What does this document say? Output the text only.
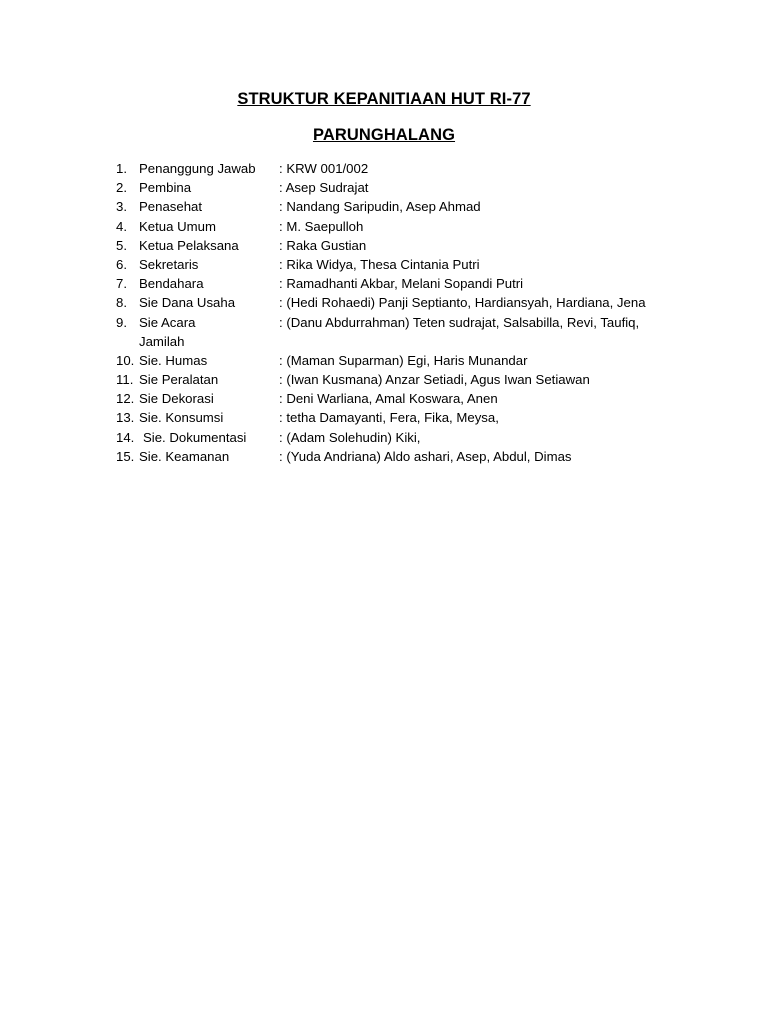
STRUKTUR KEPANITIAAN HUT RI-77
PARUNGHALANG
1. Penanggung Jawab : KRW 001/002
2. Pembina	: Asep Sudrajat
3. Penasehat	: Nandang Saripudin, Asep Ahmad
4. Ketua Umum	: M. Saepulloh
5. Ketua Pelaksana	: Raka Gustian
6. Sekretaris	: Rika Widya, Thesa Cintania Putri
7. Bendahara	: Ramadhanti Akbar, Melani Sopandi Putri
8. Sie Dana Usaha	: (Hedi Rohaedi) Panji Septianto, Hardiansyah, Hardiana, Jena
9. Sie Acara	: (Danu Abdurrahman) Teten sudrajat, Salsabilla, Revi, Taufiq,
Jamilah
10. Sie. Humas	: (Maman Suparman) Egi, Haris Munandar
11. Sie Peralatan	: (Iwan Kusmana) Anzar Setiadi, Agus Iwan Setiawan
12. Sie Dekorasi	: Deni Warliana, Amal Koswara, Anen
13. Sie. Konsumsi	: tetha Damayanti, Fera, Fika, Meysa,
14. Sie. Dokumentasi : (Adam Solehudin) Kiki,
15. Sie. Keamanan	: (Yuda Andriana) Aldo ashari, Asep, Abdul, Dimas
